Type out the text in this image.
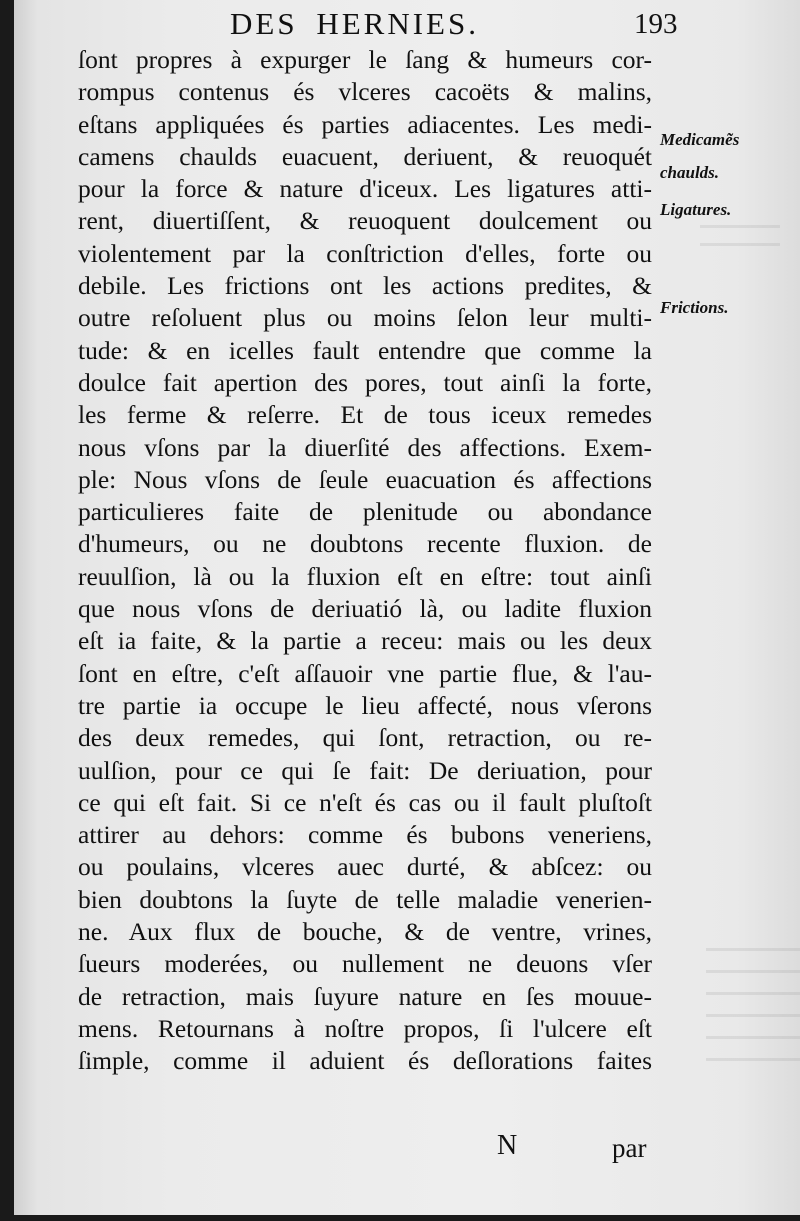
DES HERNIES.	193
ſont propres à expurger le ſang & humeurs cor-
rompus contenus és vlceres cacoëts & malins,
eſtans appliquées és parties adiacentes. Les medi-
camens chaulds euacuent, deriuent, & reuoquét
pour la force & nature d'iceux. Les ligatures atti-
rent, diuertiſſent, & reuoquent doulcement ou
violentement par la conſtriction d'elles, forte ou
debile. Les frictions ont les actions predites, &
outre reſoluent plus ou moins ſelon leur multi-
tude: & en icelles fault entendre que comme la
doulce fait apertion des pores, tout ainſi la forte,
les ferme & reſerre. Et de tous iceux remedes
nous vſons par la diuerſité des affections. Exem-
ple: Nous vſons de ſeule euacuation és affections
particulieres faite de plenitude ou abondance
d'humeurs, ou ne doubtons recente fluxion. de
reuulſion, là ou la fluxion eſt en eſtre: tout ainſi
que nous vſons de deriuatió là, ou ladite fluxion
eſt ia faite, & la partie a receu: mais ou les deux
ſont en eſtre, c'eſt aſſauoir vne partie flue, & l'au-
tre partie ia occupe le lieu affecté, nous vſerons
des deux remedes, qui ſont, retraction, ou re-
uulſion, pour ce qui ſe fait: De deriuation, pour
ce qui eſt fait. Si ce n'eſt és cas ou il fault pluſtoſt
attirer au dehors: comme és bubons veneriens,
ou poulains, vlceres auec durté, & abſcez: ou
bien doubtons la ſuyte de telle maladie venerien-
ne. Aux flux de bouche, & de ventre, vrines,
ſueurs moderées, ou nullement ne deuons vſer
de retraction, mais ſuyure nature en ſes mouue-
mens. Retournans à noſtre propos, ſi l'ulcere eſt
ſimple, comme il aduient és deſlorations faites
Medicamẽs
chaulds.
Ligatures.
Frictions.
N	par
